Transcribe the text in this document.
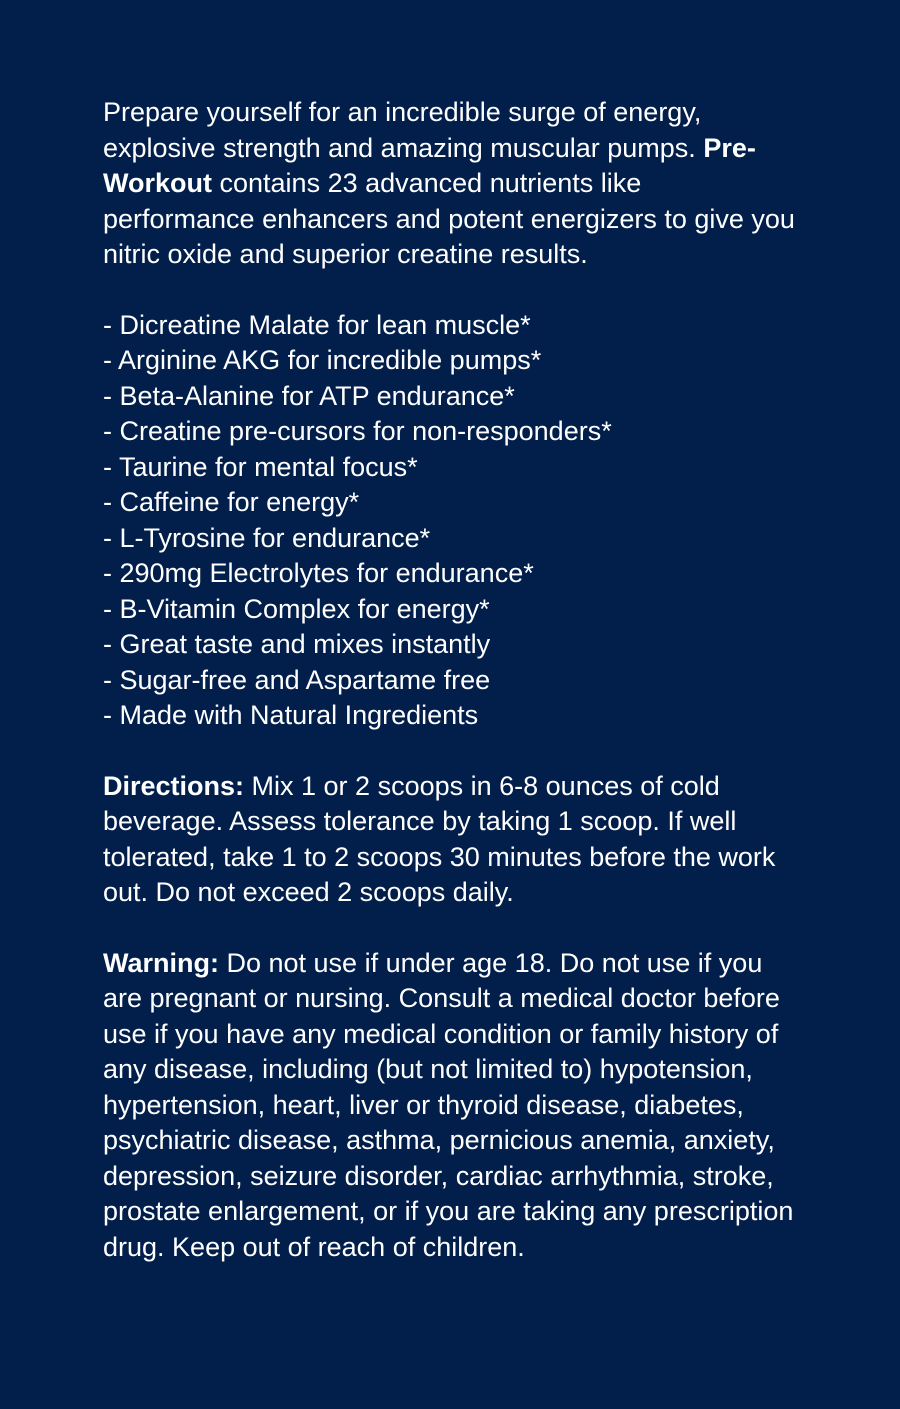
Prepare yourself for an incredible surge of energy, explosive strength and amazing muscular pumps. Pre-Workout contains 23 advanced nutrients like performance enhancers and potent energizers to give you nitric oxide and superior creatine results.

- Dicreatine Malate for lean muscle*
- Arginine AKG for incredible pumps*
- Beta-Alanine for ATP endurance*
- Creatine pre-cursors for non-responders*
- Taurine for mental focus*
- Caffeine for energy*
- L-Tyrosine for endurance*
- 290mg Electrolytes for endurance*
- B-Vitamin Complex for energy*
- Great taste and mixes instantly
- Sugar-free and Aspartame free
- Made with Natural Ingredients

Directions: Mix 1 or 2 scoops in 6-8 ounces of cold beverage. Assess tolerance by taking 1 scoop. If well tolerated, take 1 to 2 scoops 30 minutes before the work out. Do not exceed 2 scoops daily.

Warning: Do not use if under age 18. Do not use if you are pregnant or nursing. Consult a medical doctor before use if you have any medical condition or family history of any disease, including (but not limited to) hypotension, hypertension, heart, liver or thyroid disease, diabetes, psychiatric disease, asthma, pernicious anemia, anxiety, depression, seizure disorder, cardiac arrhythmia, stroke, prostate enlargement, or if you are taking any prescription drug. Keep out of reach of children.
